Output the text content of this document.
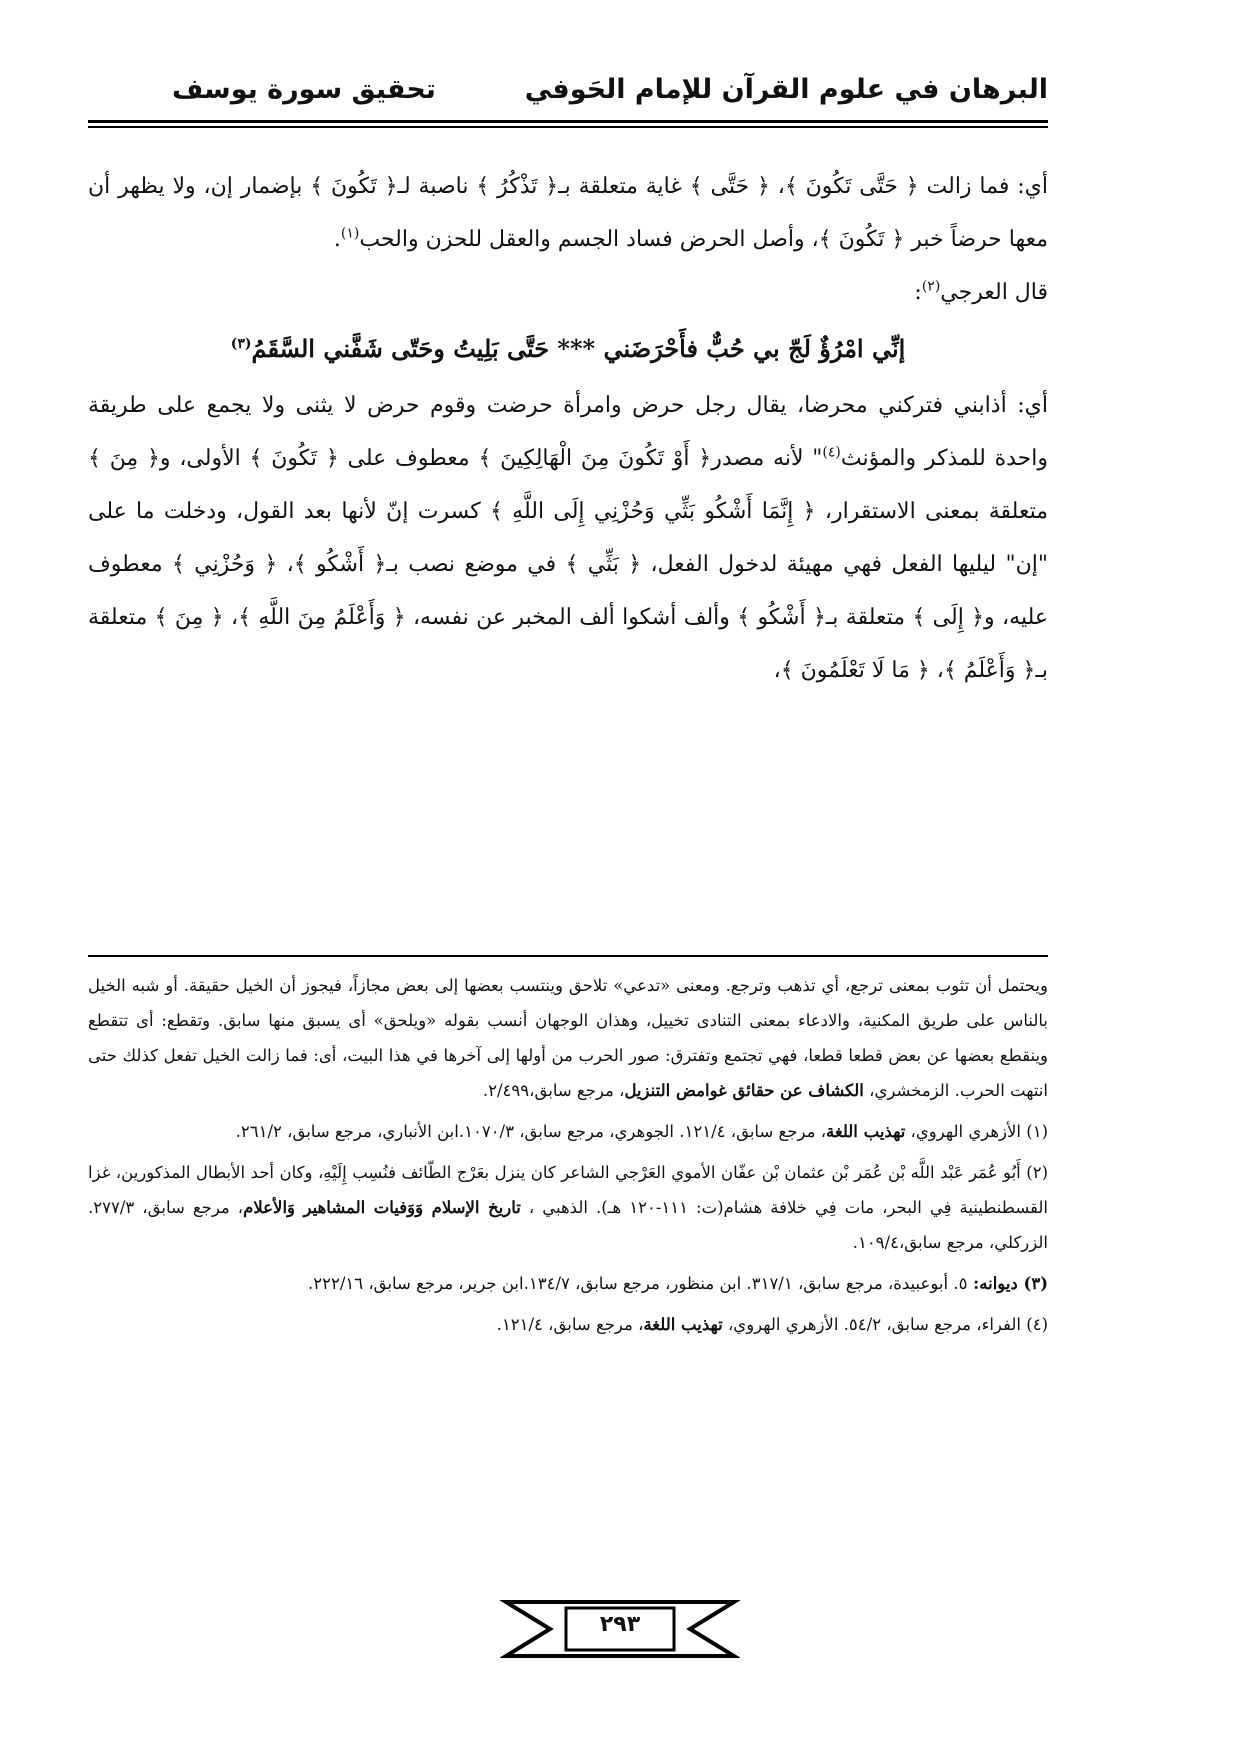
البرهان في علوم القرآن للإمام الحَوفي
تحقيق سورة يوسف

أي: فما زالت ﴿ حَتَّى تَكُونَ ﴾، ﴿ حَتَّى ﴾ غاية متعلقة بـ﴿ تَذْكُرُ ﴾ ناصبة لـ﴿ تَكُونَ ﴾ بإضمار إن، ولا يظهر أن معها حرضاً خبر ﴿ تَكُونَ ﴾، وأصل الحرض فساد الجسم والعقل للحزن والحب$^{(١)}$.

قال العرجي$^{(٢)}$:

إنِّي امْرُؤٌ لَجّ بي حُبٌّ فأَحْرَضَني *** حَتَّى بَلِيتُ وحَتّى شَفَّني السَّقَمُ$^{(٣)}$

أي: أذابني فتركني محرضا، يقال رجل حرض وامرأة حرضت وقوم حرض لا يثنى ولا يجمع على طريقة واحدة للمذكر والمؤنث$^{(٤)}$" لأنه مصدر﴿ أَوْ تَكُونَ مِنَ الْهَالِكِينَ ﴾ معطوف على ﴿ تَكُونَ ﴾ الأولى، و﴿ مِنَ ﴾ متعلقة بمعنى الاستقرار، ﴿ إِنَّمَا أَشْكُو بَثِّي وَحُزْنِي إِلَى اللَّهِ ﴾ كسرت إنّ لأنها بعد القول، ودخلت ما على "إن" ليليها الفعل فهي مهيئة لدخول الفعل، ﴿ بَثِّي ﴾ في موضع نصب بـ﴿ أَشْكُو ﴾، ﴿ وَحُزْنِي ﴾ معطوف عليه، و﴿ إِلَى ﴾ متعلقة بـ﴿ أَشْكُو ﴾ وألف أشكوا ألف المخبر عن نفسه، ﴿ وَأَعْلَمُ مِنَ اللَّهِ ﴾، ﴿ مِنَ ﴾ متعلقة بـ﴿ وَأَعْلَمُ ﴾، ﴿ مَا لَا تَعْلَمُونَ ﴾،

ويحتمل أن تثوب بمعنى ترجع، أي تذهب وترجع. ومعنى «تدعي» تلاحق وينتسب بعضها إلى بعض مجازاً، فيجوز أن الخيل حقيقة. أو شبه الخيل بالناس على طريق المكنية، والادعاء بمعنى التنادى تخييل، وهذان الوجهان أنسب بقوله «ويلحق» أى يسبق منها سابق. وتقطع: أى تتقطع وينقطع بعضها عن بعض قطعا قطعا، فهي تجتمع وتفترق: صور الحرب من أولها إلى آخرها في هذا البيت، أى: فما زالت الخيل تفعل كذلك حتى انتهت الحرب. الزمخشري، الكشاف عن حقائق غوامض التنزيل، مرجع سابق،٢/٤٩٩.

(١) الأزهري الهروي، تهذيب اللغة، مرجع سابق، ١٢١/٤. الجوهري، مرجع سابق، ١٠٧٠/٣.ابن الأنباري، مرجع سابق، ٢٦١/٢.

(٢) أَبُو عُمَر عَبْد اللَّه بْن عُمَر بْن عثمان بْن عفّان الأموي العَرْجي الشاعر كان ينزل بعَرْج الطّائف فنُسِب إِلَيْهِ، وكان أحد الأبطال المذكورين، غزا القسطنطينية فِي البحر، مات فِي خلافة هشام(ت: ١١١-١٢٠ هـ). الذهبي ، تاريخ الإسلام وَوَفيات المشاهير وَالأعلام، مرجع سابق، ٢٧٧/٣. الزركلي، مرجع سابق،١٠٩/٤.

(٣) ديوانه: ٥. أبوعبيدة، مرجع سابق، ٣١٧/١. ابن منظور، مرجع سابق، ١٣٤/٧.ابن جرير، مرجع سابق، ٢٢٢/١٦.

(٤) الفراء، مرجع سابق، ٥٤/٢. الأزهري الهروي، تهذيب اللغة، مرجع سابق، ١٢١/٤.

٢٩٣
